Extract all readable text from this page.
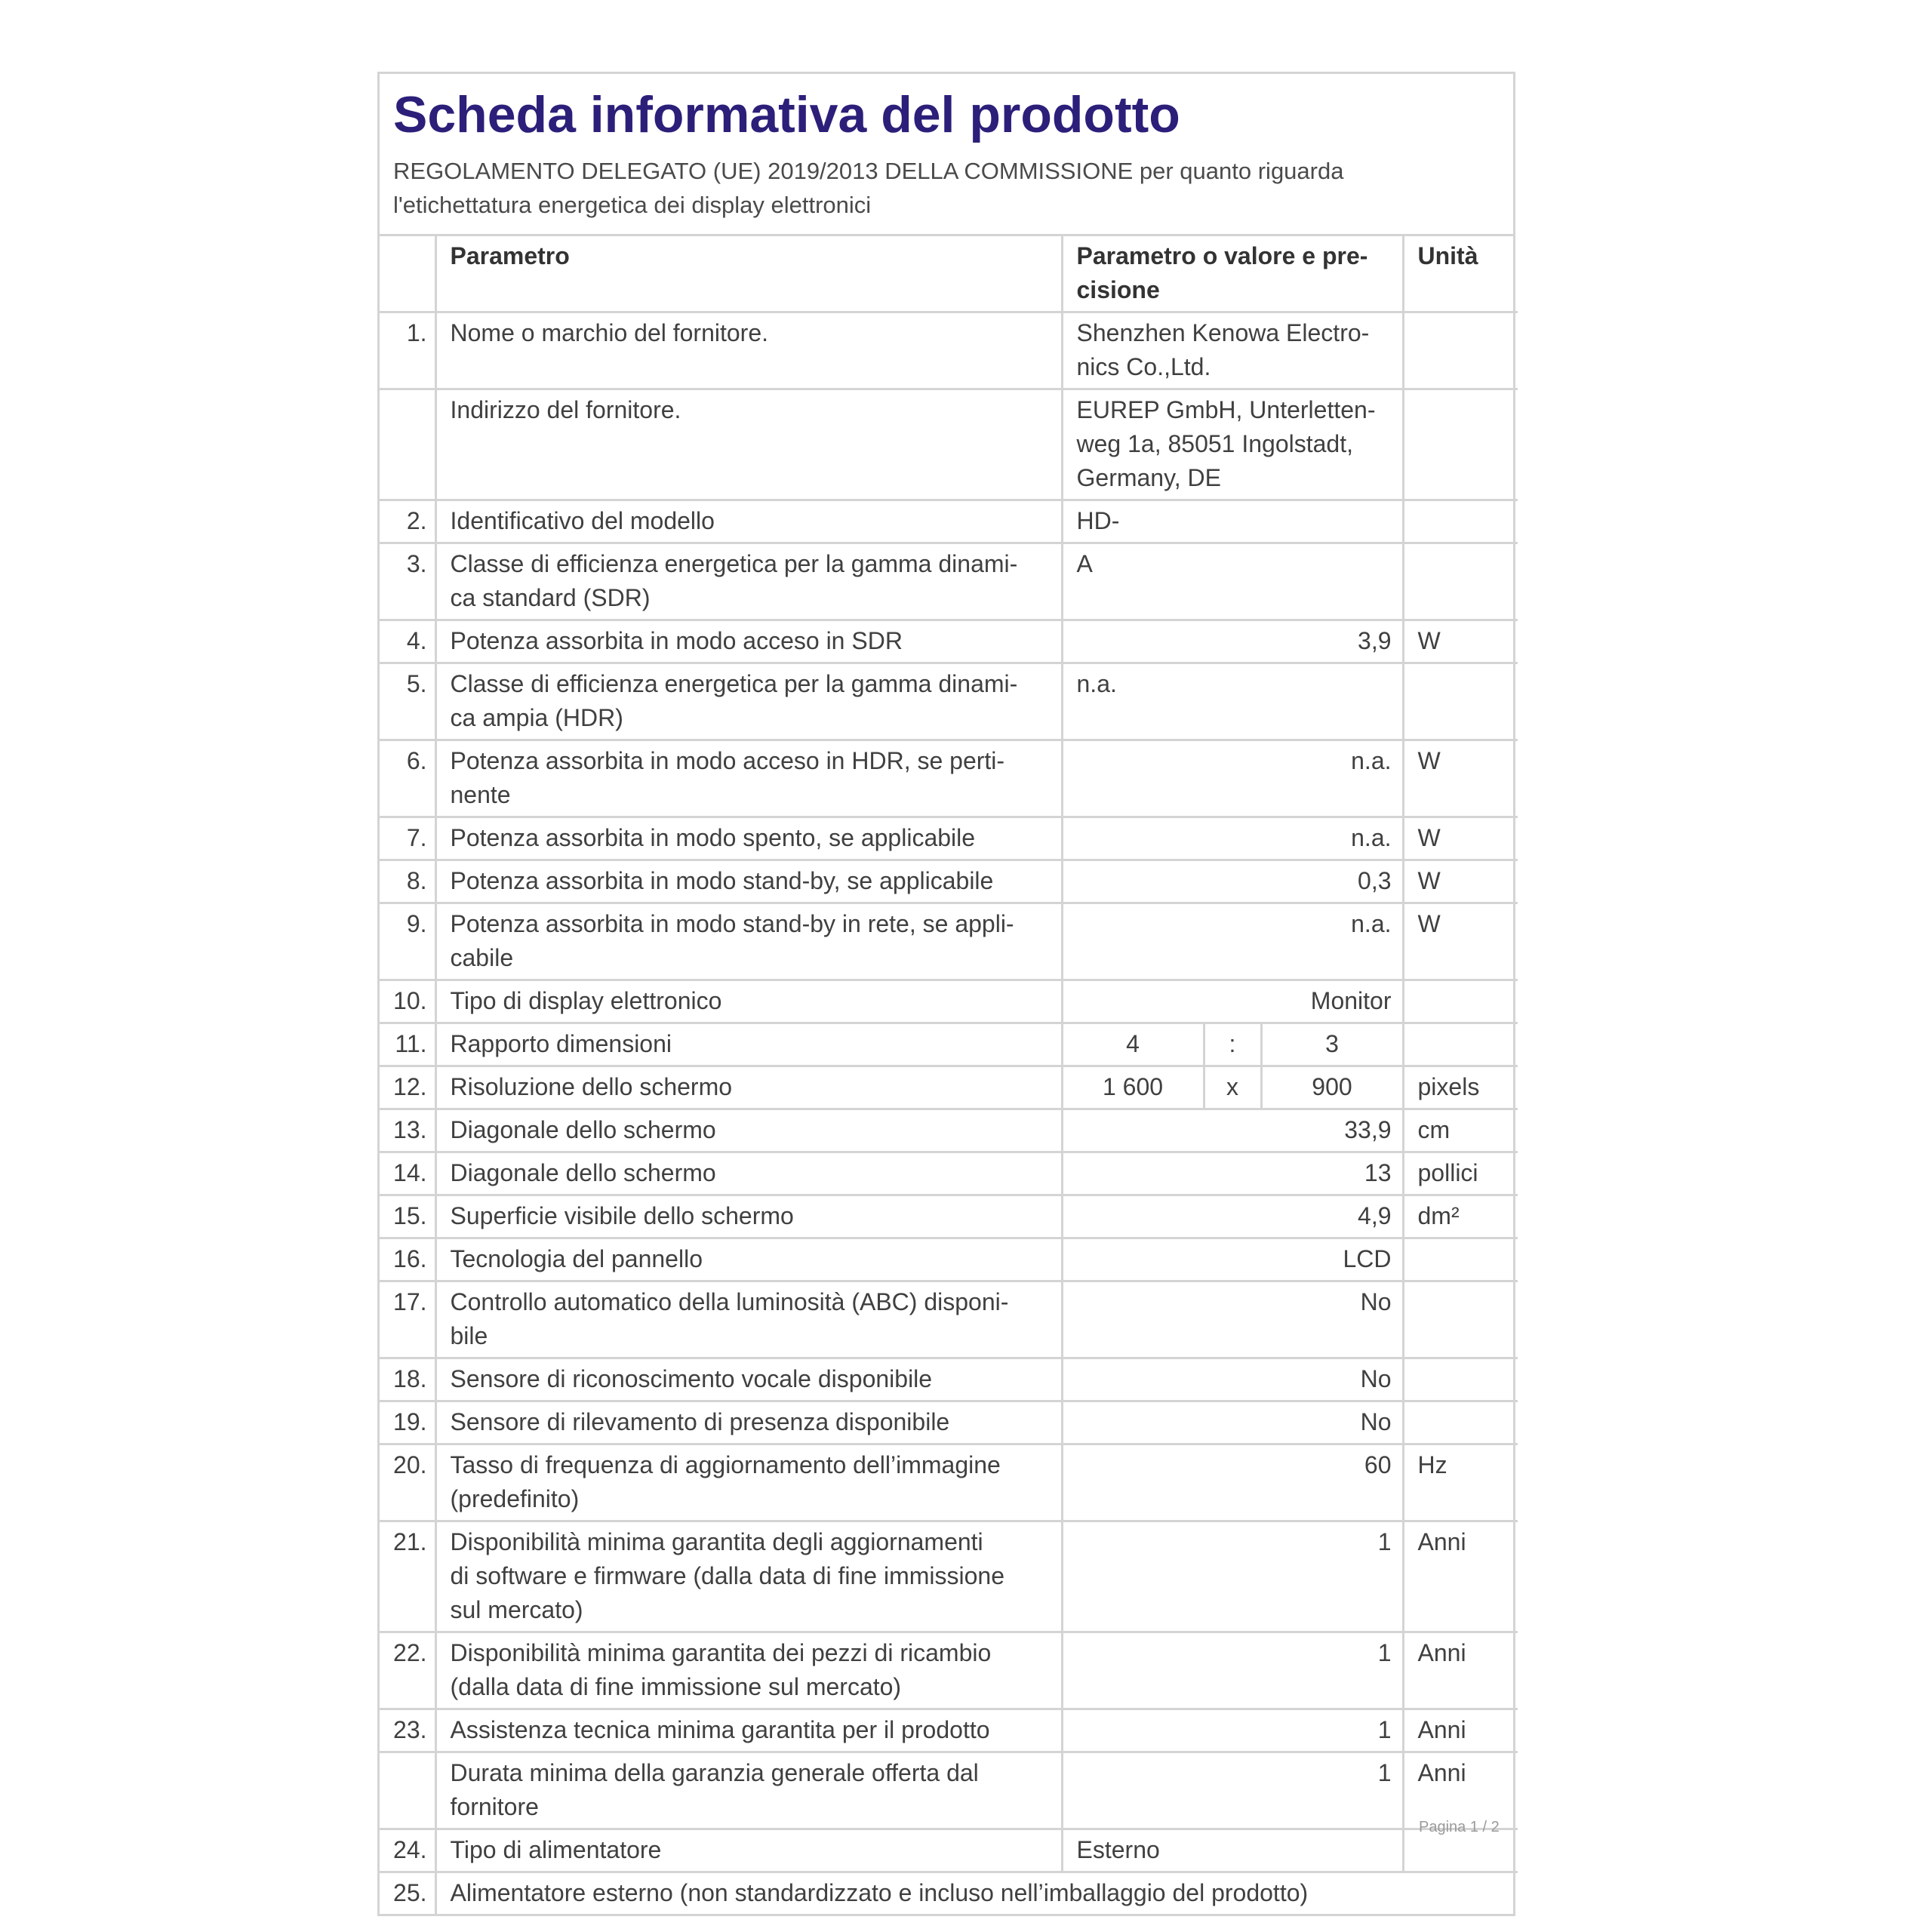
Scheda informativa del prodotto
REGOLAMENTO DELEGATO (UE) 2019/2013 DELLA COMMISSIONE per quanto riguarda
l'etichettatura energetica dei display elettronici
	Parametro	Parametro o valore e pre-
cisione			Unità
1.	Nome o marchio del fornitore.	Shenzhen Kenowa Electro-
nics Co.,Ltd.			

	Indirizzo del fornitore.	EUREP GmbH, Unterletten-
weg 1a, 85051 Ingolstadt,
Germany, DE			

2.	Identificativo del modello	HD-			

3.	Classe di efficienza energetica per la gamma dinami-
ca standard (SDR)	A			

4.	Potenza assorbita in modo acceso in SDR	3,9			W
5.	Classe di efficienza energetica per la gamma dinami-
ca ampia (HDR)	n.a.			

6.	Potenza assorbita in modo acceso in HDR, se perti-
nente	n.a.			W
7.	Potenza assorbita in modo spento, se applicabile	n.a.			W
8.	Potenza assorbita in modo stand-by, se applicabile	0,3			W
9.	Potenza assorbita in modo stand-by in rete, se appli-
cabile	n.a.			W
10.	Tipo di display elettronico	Monitor			

11.	Rapporto dimensioni	4	:	3	
12.	Risoluzione dello schermo	1 600	x	900	pixels
13.	Diagonale dello schermo	33,9			cm
14.	Diagonale dello schermo	13			pollici
15.	Superficie visibile dello schermo	4,9			dm²
16.	Tecnologia del pannello	LCD			

17.	Controllo automatico della luminosità (ABC) disponi-
bile	No			

18.	Sensore di riconoscimento vocale disponibile	No			

19.	Sensore di rilevamento di presenza disponibile	No			

20.	Tasso di frequenza di aggiornamento dell’immagine
(predefinito)	60			Hz
21.	Disponibilità minima garantita degli aggiornamenti
di software e firmware (dalla data di fine immissione
sul mercato)	1			Anni
22.	Disponibilità minima garantita dei pezzi di ricambio
(dalla data di fine immissione sul mercato)	1			Anni
23.	Assistenza tecnica minima garantita per il prodotto	1			Anni

	Durata minima della garanzia generale offerta dal
fornitore	1			Anni
24.	Tipo di alimentatore	Esterno			

25.	Alimentatore esterno (non standardizzato e incluso nell’imballaggio del prodotto)				
Pagina 1 / 2
